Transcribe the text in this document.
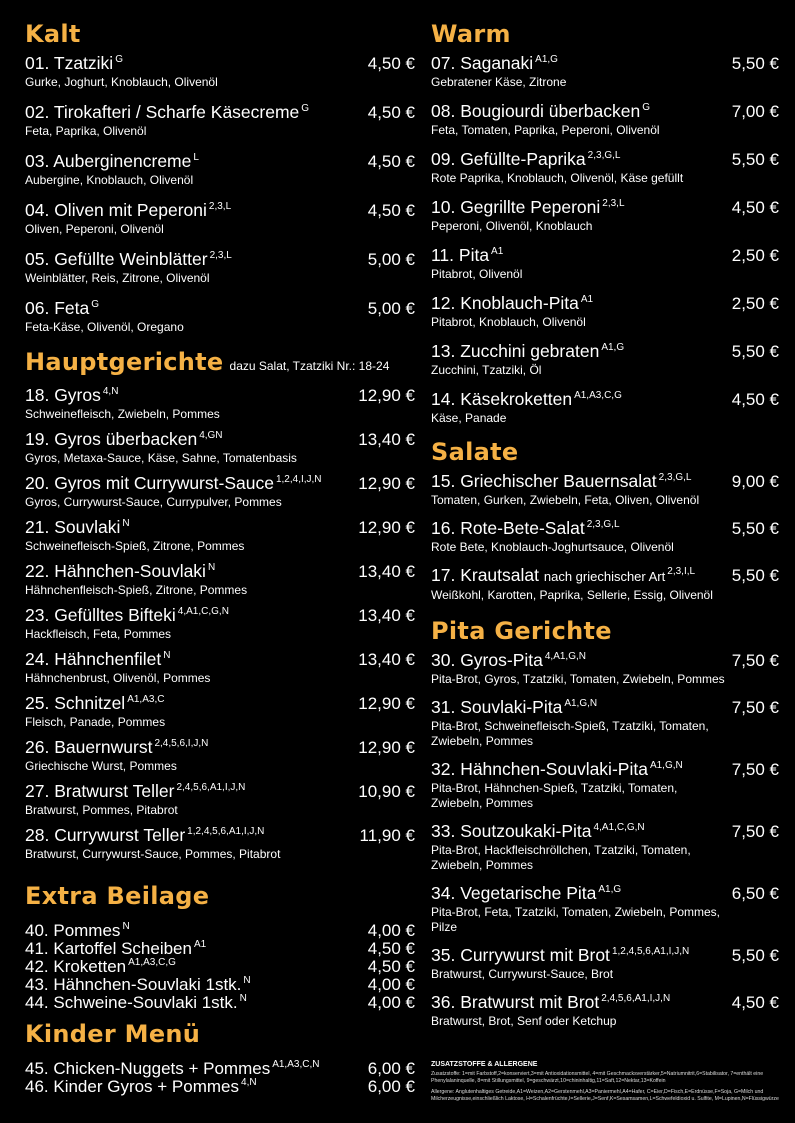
Kalt
01. Tzatziki $^G$	4,50 €
Gurke, Joghurt, Knoblauch, Olivenöl
02. Tirokafteri / Scharfe Käsecreme $^G$	4,50 €
Feta, Paprika, Olivenöl
03. Auberginencreme $^L$	4,50 €
Aubergine, Knoblauch, Olivenöl
04. Oliven mit Peperoni $^{2,3,L}$	4,50 €
Oliven, Peperoni, Olivenöl
05. Gefüllte Weinblätter $^{2,3,L}$	5,00 €
Weinblätter, Reis, Zitrone, Olivenöl
06. Feta $^G$	5,00 €
Feta-Käse, Olivenöl, Oregano
Hauptgerichte dazu Salat, Tzatziki Nr.: 18-24
18. Gyros $^{4,N}$	12,90 €
Schweinefleisch, Zwiebeln, Pommes
19. Gyros überbacken $^{4,GN}$	13,40 €
Gyros, Metaxa-Sauce, Käse, Sahne, Tomatenbasis
20. Gyros mit Currywurst-Sauce $^{1,2,4,I,J,N}$ 12,90 €
Gyros, Currywurst-Sauce, Currypulver, Pommes
21. Souvlaki $^N$	12,90 €
Schweinefleisch-Spieß, Zitrone, Pommes
22. Hähnchen-Souvlaki $^N$	13,40 €
Hähnchenfleisch-Spieß, Zitrone, Pommes
23. Gefülltes Bifteki $^{4,A1,C,G,N}$	13,40 €
Hackfleisch, Feta, Pommes
24. Hähnchenfilet $^N$	13,40 €
Hähnchenbrust, Olivenöl, Pommes
25. Schnitzel $^{A1,A3,C}$	12,90 €
Fleisch, Panade, Pommes
26. Bauernwurst $^{2,4,5,6,I,J,N}$	12,90 €
Griechische Wurst, Pommes
27. Bratwurst Teller $^{2,4,5,6,A1,I,J,N}$	10,90 €
Bratwurst, Pommes, Pitabrot
28. Currywurst Teller $^{1,2,4,5,6,A1,I,J,N}$	11,90 €
Bratwurst, Currywurst-Sauce, Pommes, Pitabrot
Extra Beilage
40. Pommes $^N$	4,00 €
41. Kartoffel Scheiben $^{A1}$	4,50 €
42. Kroketten $^{A1,A3,C,G}$	4,50 €
43. Hähnchen-Souvlaki 1stk. $^N$	4,00 €
44. Schweine-Souvlaki 1stk. $^N$	4,00 €
Kinder Menü
45. Chicken-Nuggets + Pommes $^{A1,A3,C,N}$	6,00 €
46. Kinder Gyros + Pommes $^{4,N}$	6,00 €
Warm
07. Saganaki $^{A1,G}$	5,50 €
Gebratener Käse, Zitrone
08. Bougiourdi überbacken $^G$	7,00 €
Feta, Tomaten, Paprika, Peperoni, Olivenöl
09. Gefüllte-Paprika $^{2,3,G,L}$	5,50 €
Rote Paprika, Knoblauch, Olivenöl, Käse gefüllt
10. Gegrillte Peperoni $^{2,3,L}$	4,50 €
Peperoni, Olivenöl, Knoblauch
11. Pita $^{A1}$	2,50 €
Pitabrot, Olivenöl
12. Knoblauch-Pita $^{A1}$	2,50 €
Pitabrot, Knoblauch, Olivenöl
13. Zucchini gebraten $^{A1,G}$	5,50 €
Zucchini, Tzatziki, Öl
14. Käsekroketten $^{A1,A3,C,G}$	4,50 €
Käse, Panade
Salate
15. Griechischer Bauernsalat $^{2,3,G,L}$ 9,00 €
Tomaten, Gurken, Zwiebeln, Feta, Oliven, Olivenöl
16. Rote-Bete-Salat $^{2,3,G,L}$	5,50 €
Rote Bete, Knoblauch-Joghurtsauce, Olivenöl
17. Krautsalat nach griechischer Art $^{2,3,I,L}$ 5,50 €
Weißkohl, Karotten, Paprika, Sellerie, Essig, Olivenöl
Pita Gerichte
30. Gyros-Pita $^{4,A1,G,N}$	7,50 €
Pita-Brot, Gyros, Tzatziki, Tomaten, Zwiebeln, Pommes
31. Souvlaki-Pita $^{A1,G,N}$	7,50 €
Pita-Brot, Schweinefleisch-Spieß, Tzatziki, Tomaten, Zwiebeln, Pommes
32. Hähnchen-Souvlaki-Pita $^{A1,G,N}$	7,50 €
Pita-Brot, Hähnchen-Spieß, Tzatziki, Tomaten, Zwiebeln, Pommes
33. Soutzoukaki-Pita $^{4,A1,C,G,N}$	7,50 €
Pita-Brot, Hackfleischröllchen, Tzatziki, Tomaten, Zwiebeln, Pommes
34. Vegetarische Pita $^{A1,G}$	6,50 €
Pita-Brot, Feta, Tzatziki, Tomaten, Zwiebeln, Pommes, Pilze
35. Currywurst mit Brot $^{1,2,4,5,6,A1,I,J,N}$	5,50 €
Bratwurst, Currywurst-Sauce, Brot
36. Bratwurst mit Brot $^{2,4,5,6,A1,I,J,N}$	4,50 €
Bratwurst, Brot, Senf oder Ketchup
ZUSATZSTOFFE & ALLERGENE
Zusatzstoffe: 1=mit Farbstoff,2=konserviert,3=mit Antioxidationsmittel, 4=mit Geschmacksverstärker,5=Natriumnitrit,6=Stabilisator, 7=enthält eine Phenylalaninquelle, 8=mit Stillungsmittel, 9=geschwärzt,10=chininhaltig,11=Saft,12=Nektar,13=Koffein
Allergene: Anglutenhaltiges Getreide,A1=Weizen,A2=Gerstenmehl,A3=Paniermehl,A4=Hafer, C=Eier,D=Fisch,E=Erdnüsse,F=Soja, G=Milch und Milcherzeugnisse,einschließlich Laktose, H=Schalenfrüchte,I=Sellerie,J=Senf,K=Sesamsamen,L=Schwefeldioxid u. Sulfite, M=Lupinen,N=Flüssigwürze
